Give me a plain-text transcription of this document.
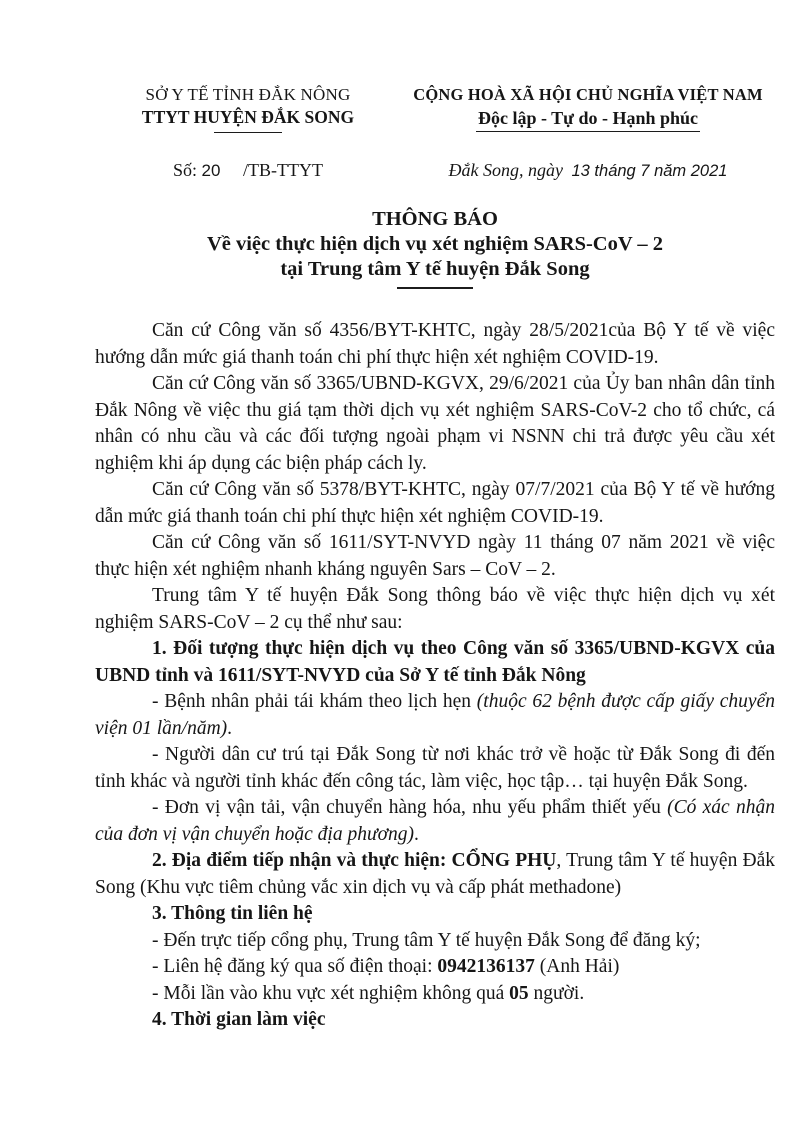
SỞ Y TẾ TỈNH ĐẮK NÔNG
TTYT HUYỆN ĐẮK SONG
CỘNG HOÀ XÃ HỘI CHỦ NGHĨA VIỆT NAM
Độc lập - Tự do - Hạnh phúc
Số: 20 /TB-TTYT	Đắk Song, ngày 13 tháng 7 năm 2021
THÔNG BÁO
Về việc thực hiện dịch vụ xét nghiệm SARS-CoV – 2
tại Trung tâm Y tế huyện Đắk Song

Căn cứ Công văn số 4356/BYT-KHTC, ngày 28/5/2021của Bộ Y tế về việc hướng dẫn mức giá thanh toán chi phí thực hiện xét nghiệm COVID-19.

Căn cứ Công văn số 3365/UBND-KGVX, 29/6/2021 của Ủy ban nhân dân tỉnh Đắk Nông về việc thu giá tạm thời dịch vụ xét nghiệm SARS-CoV-2 cho tổ chức, cá nhân có nhu cầu và các đối tượng ngoài phạm vi NSNN chi trả được yêu cầu xét nghiệm khi áp dụng các biện pháp cách ly.

Căn cứ Công văn số 5378/BYT-KHTC, ngày 07/7/2021 của Bộ Y tế về hướng dẫn mức giá thanh toán chi phí thực hiện xét nghiệm COVID-19.

Căn cứ Công văn số 1611/SYT-NVYD ngày 11 tháng 07 năm 2021 về việc thực hiện xét nghiệm nhanh kháng nguyên Sars – CoV – 2.

Trung tâm Y tế huyện Đắk Song thông báo về việc thực hiện dịch vụ xét nghiệm SARS-CoV – 2 cụ thể như sau:

1. Đối tượng thực hiện dịch vụ theo Công văn số 3365/UBND-KGVX của UBND tỉnh và 1611/SYT-NVYD của Sở Y tế tỉnh Đắk Nông

- Bệnh nhân phải tái khám theo lịch hẹn (thuộc 62 bệnh được cấp giấy chuyển viện 01 lần/năm).

- Người dân cư trú tại Đắk Song từ nơi khác trở về hoặc từ Đắk Song đi đến tỉnh khác và người tỉnh khác đến công tác, làm việc, học tập… tại huyện Đắk Song.

- Đơn vị vận tải, vận chuyển hàng hóa, nhu yếu phẩm thiết yếu (Có xác nhận của đơn vị vận chuyển hoặc địa phương).

2. Địa điểm tiếp nhận và thực hiện: CỔNG PHỤ, Trung tâm Y tế huyện Đắk Song (Khu vực tiêm chủng vắc xin dịch vụ và cấp phát methadone)

3. Thông tin liên hệ

- Đến trực tiếp cổng phụ, Trung tâm Y tế huyện Đắk Song để đăng ký;

- Liên hệ đăng ký qua số điện thoại: 0942136137 (Anh Hải)

- Mỗi lần vào khu vực xét nghiệm không quá 05 người.

4. Thời gian làm việc
